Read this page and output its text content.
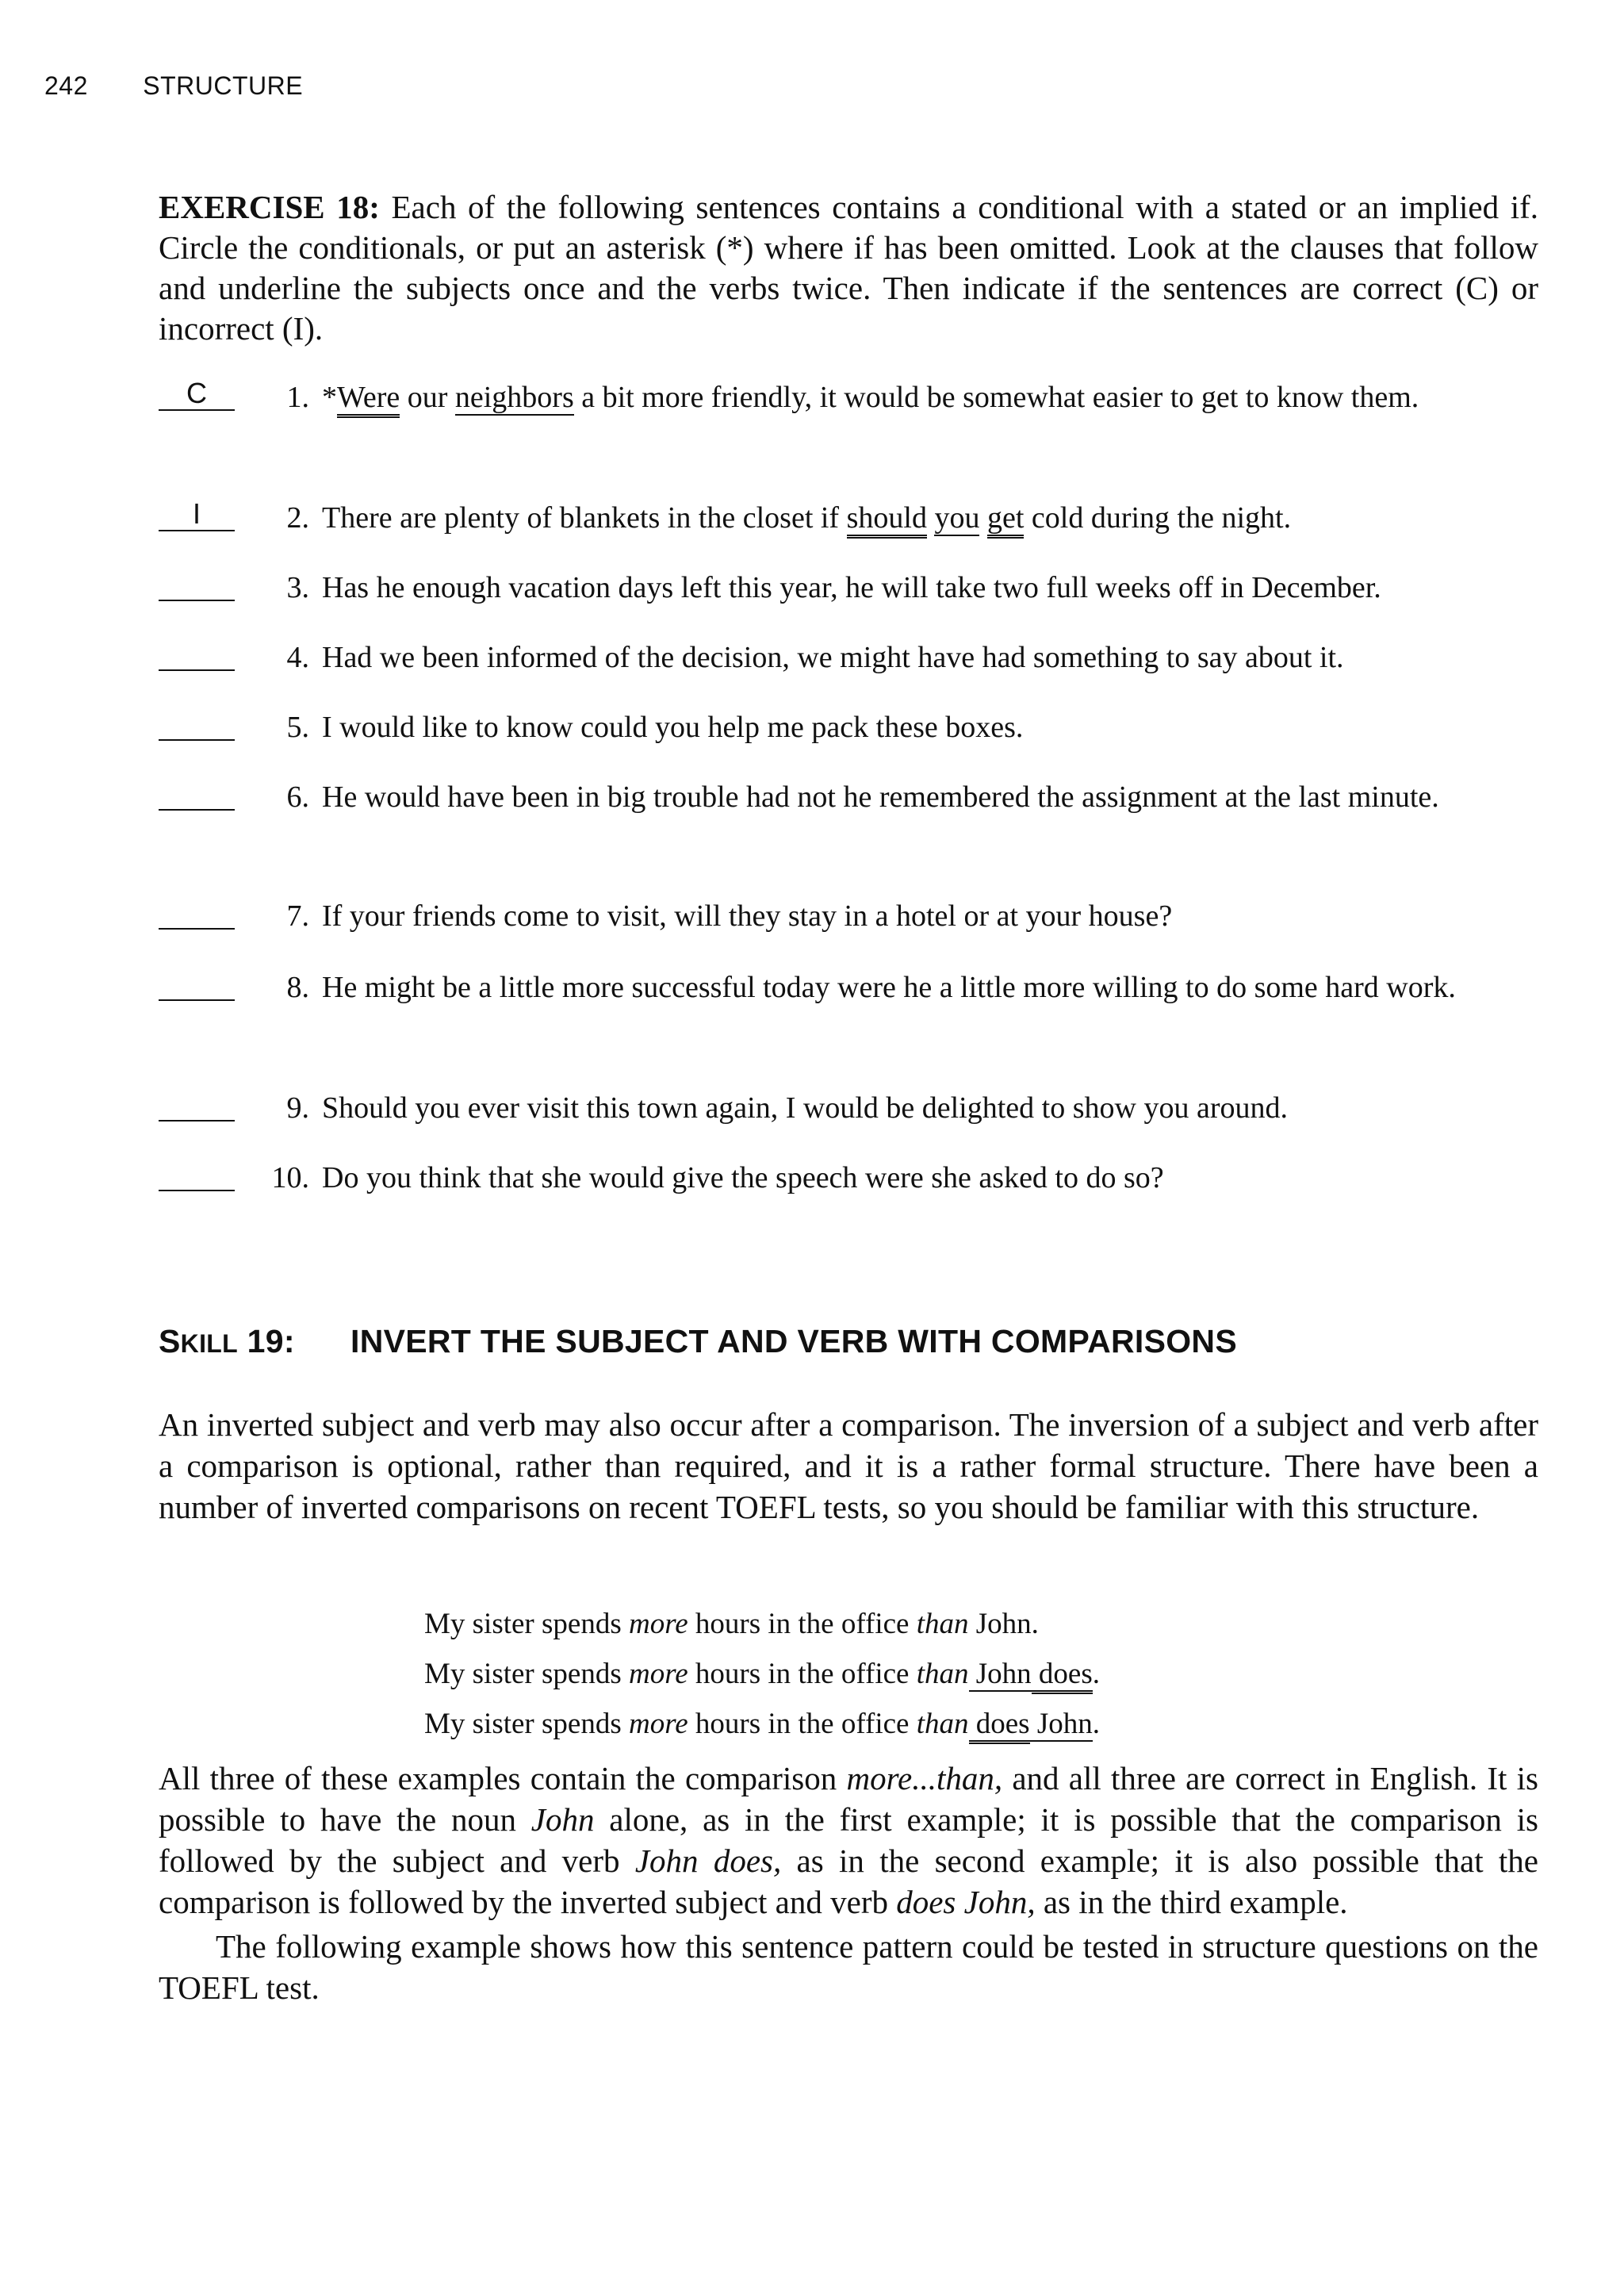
242 STRUCTURE
EXERCISE 18: Each of the following sentences contains a conditional with a stated or an implied if. Circle the conditionals, or put an asterisk (*) where if has been omitted. Look at the clauses that follow and underline the subjects once and the verbs twice. Then indicate if the sentences are correct (C) or incorrect (I).
C	1. *Were our neighbors a bit more friendly, it would be somewhat easier to get to know them.
I	2. There are plenty of blankets in the closet if should you get cold during the night.
3. Has he enough vacation days left this year, he will take two full weeks off in December.
4. Had we been informed of the decision, we might have had something to say about it.
5. I would like to know could you help me pack these boxes.
6. He would have been in big trouble had not he remembered the assignment at the last minute.
7. If your friends come to visit, will they stay in a hotel or at your house?
8. He might be a little more successful today were he a little more willing to do some hard work.
9. Should you ever visit this town again, I would be delighted to show you around.
10. Do you think that she would give the speech were she asked to do so?
SKILL 19: INVERT THE SUBJECT AND VERB WITH COMPARISONS
An inverted subject and verb may also occur after a comparison. The inversion of a subject and verb after a comparison is optional, rather than required, and it is a rather formal structure. There have been a number of inverted comparisons on recent TOEFL tests, so you should be familiar with this structure.
My sister spends more hours in the office than John.
My sister spends more hours in the office than John does.
My sister spends more hours in the office than does John.
All three of these examples contain the comparison more...than, and all three are correct in English. It is possible to have the noun John alone, as in the first example; it is possible that the comparison is followed by the subject and verb John does, as in the second example; it is also possible that the comparison is followed by the inverted subject and verb does John, as in the third example.
The following example shows how this sentence pattern could be tested in structure questions on the TOEFL test.
